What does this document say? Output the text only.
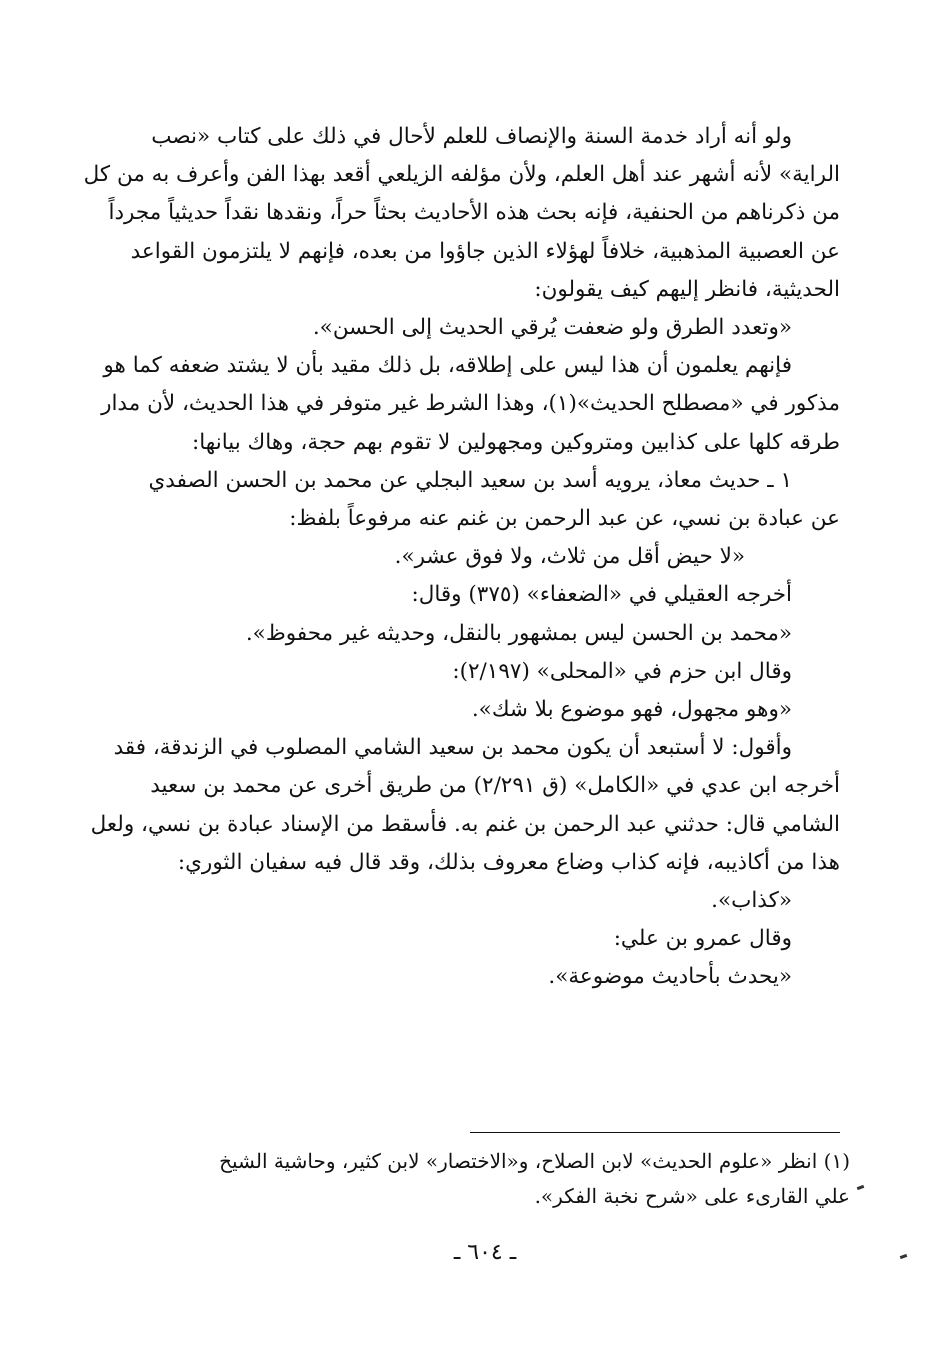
ولو أنه أراد خدمة السنة والإنصاف للعلم لأحال في ذلك على كتاب «نصب
الراية» لأنه أشهر عند أهل العلم، ولأن مؤلفه الزيلعي أقعد بهذا الفن وأعرف به من كل
من ذكرناهم من الحنفية، فإنه بحث هذه الأحاديث بحثاً حراً، ونقدها نقداً حديثياً مجرداً
عن العصبية المذهبية، خلافاً لهؤلاء الذين جاؤوا من بعده، فإنهم لا يلتزمون القواعد
الحديثية، فانظر إليهم كيف يقولون:
«وتعدد الطرق ولو ضعفت يُرقي الحديث إلى الحسن».
فإنهم يعلمون أن هذا ليس على إطلاقه، بل ذلك مقيد بأن لا يشتد ضعفه كما هو
مذكور في «مصطلح الحديث»(١)، وهذا الشرط غير متوفر في هذا الحديث، لأن مدار
طرقه كلها على كذابين ومتروكين ومجهولين لا تقوم بهم حجة، وهاك بيانها:
١ ـ حديث معاذ، يرويه أسد بن سعيد البجلي عن محمد بن الحسن الصفدي
عن عبادة بن نسي، عن عبد الرحمن بن غنم عنه مرفوعاً بلفظ:
«لا حيض أقل من ثلاث، ولا فوق عشر».
أخرجه العقيلي في «الضعفاء» (٣٧٥) وقال:
«محمد بن الحسن ليس بمشهور بالنقل، وحديثه غير محفوظ».
وقال ابن حزم في «المحلى» (٢/١٩٧):
«وهو مجهول، فهو موضوع بلا شك».
وأقول: لا أستبعد أن يكون محمد بن سعيد الشامي المصلوب في الزندقة، فقد
أخرجه ابن عدي في «الكامل» (ق ٢/٢٩١) من طريق أخرى عن محمد بن سعيد
الشامي قال: حدثني عبد الرحمن بن غنم به. فأسقط من الإسناد عبادة بن نسي، ولعل
هذا من أكاذيبه، فإنه كذاب وضاع معروف بذلك، وقد قال فيه سفيان الثوري:
«كذاب».
وقال عمرو بن علي:
«يحدث بأحاديث موضوعة».
(١) انظر «علوم الحديث» لابن الصلاح، و«الاختصار» لابن كثير، وحاشية الشيخ
علي القارىء على «شرح نخبة الفكر».
ـ ٦٠٤ ـ
